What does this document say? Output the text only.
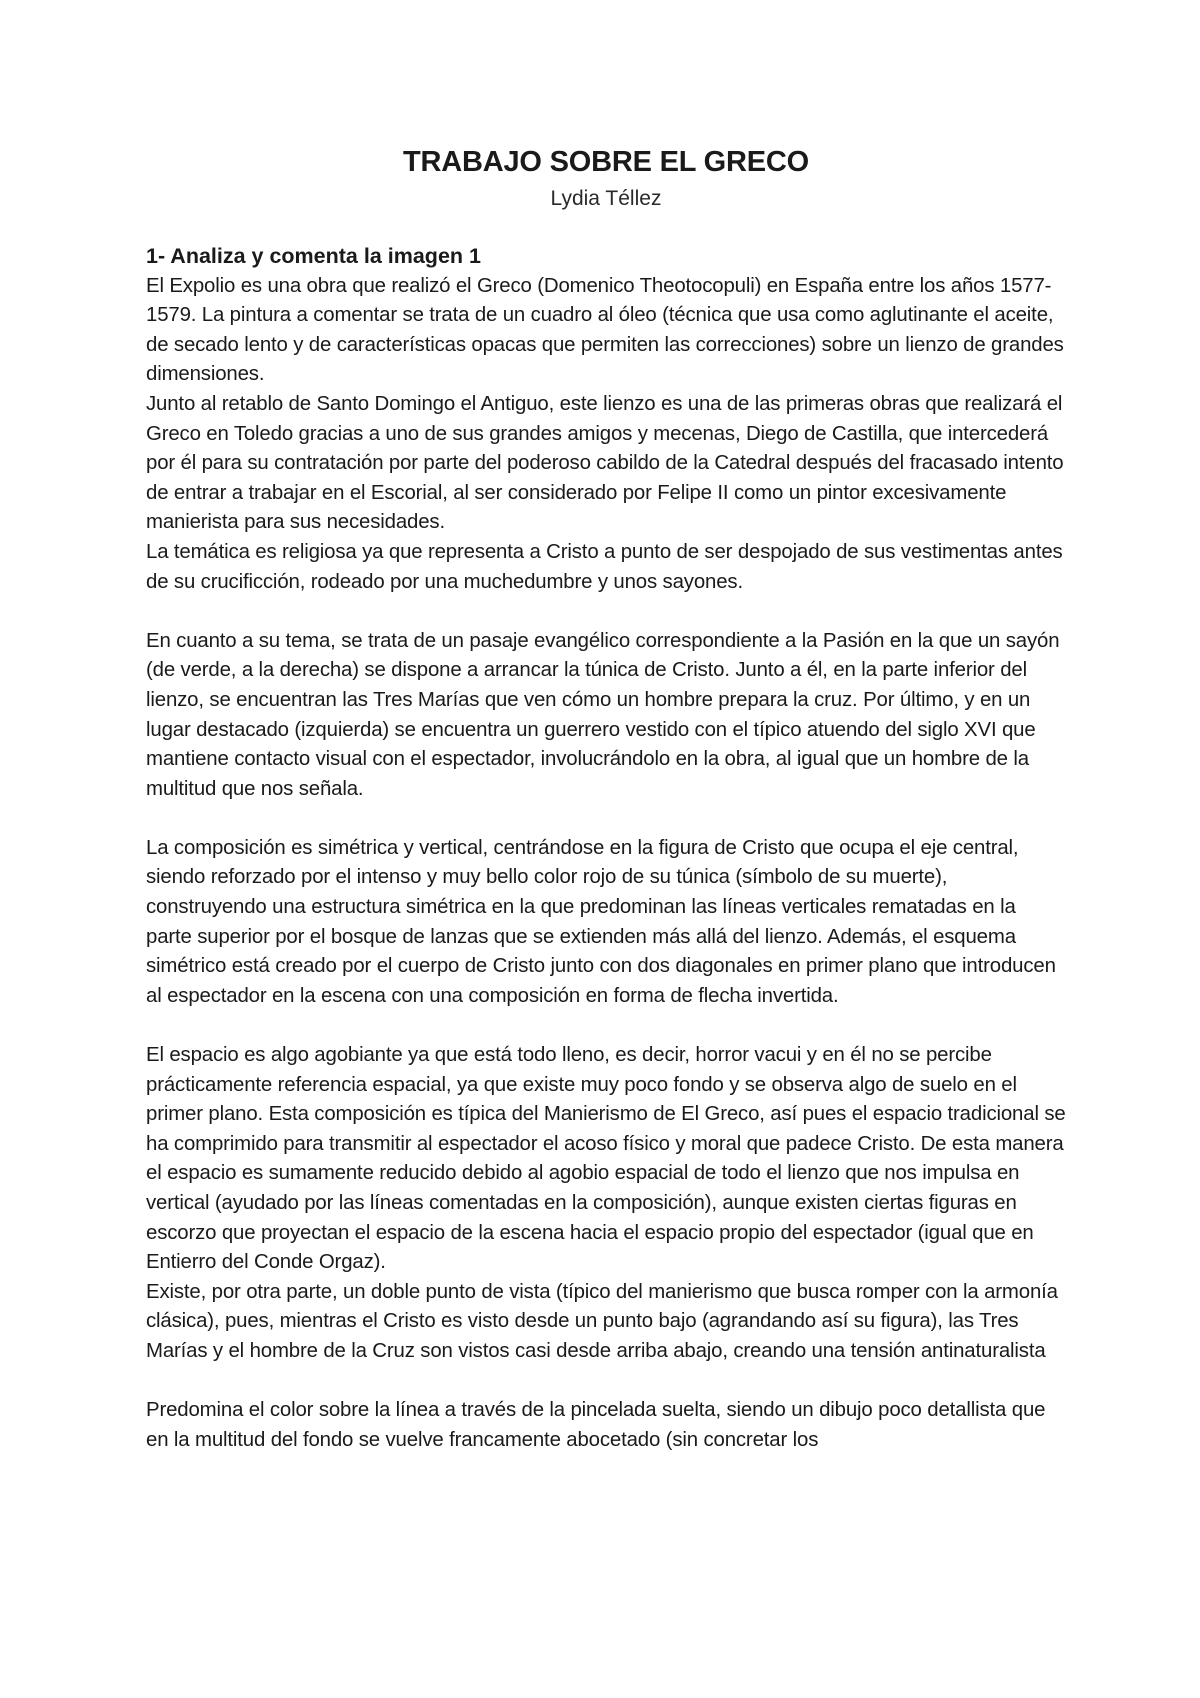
TRABAJO SOBRE EL GRECO

Lydia Téllez

1- Analiza y comenta la imagen 1

El Expolio es una obra que realizó el Greco (Domenico Theotocopuli) en España entre los años 1577-1579. La pintura a comentar se trata de un cuadro al óleo (técnica que usa como aglutinante el aceite, de secado lento y de características opacas que permiten las correcciones) sobre un lienzo de grandes dimensiones.

Junto al retablo de Santo Domingo el Antiguo, este lienzo es una de las primeras obras que realizará el Greco en Toledo gracias a uno de sus grandes amigos y mecenas, Diego de Castilla, que intercederá por él para su contratación por parte del poderoso cabildo de la Catedral después del fracasado intento de entrar a trabajar en el Escorial, al ser considerado por Felipe II como un pintor excesivamente manierista para sus necesidades.

La temática es religiosa ya que representa a Cristo a punto de ser despojado de sus vestimentas antes de su crucificción, rodeado por una muchedumbre y unos sayones.

En cuanto a su tema, se trata de un pasaje evangélico correspondiente a la Pasión en la que un sayón (de verde, a la derecha) se dispone a arrancar la túnica de Cristo. Junto a él, en la parte inferior del lienzo, se encuentran las Tres Marías que ven cómo un hombre prepara la cruz. Por último, y en un lugar destacado (izquierda) se encuentra un guerrero vestido con el típico atuendo del siglo XVI que mantiene contacto visual con el espectador, involucrándolo en la obra, al igual que un hombre de la multitud que nos señala.

La composición es simétrica y vertical, centrándose en la figura de Cristo que ocupa el eje central, siendo reforzado por el intenso y muy bello color rojo de su túnica (símbolo de su muerte), construyendo una estructura simétrica en la que predominan las líneas verticales rematadas en la parte superior por el bosque de lanzas que se extienden más allá del lienzo. Además, el esquema simétrico está creado por el cuerpo de Cristo junto con dos diagonales en primer plano que introducen al espectador en la escena con una composición en forma de flecha invertida.

El espacio es algo agobiante ya que está todo lleno, es decir, horror vacui y en él no se percibe prácticamente referencia espacial, ya que existe muy poco fondo y se observa algo de suelo en el primer plano. Esta composición es típica del Manierismo de El Greco, así pues el espacio tradicional se ha comprimido para transmitir al espectador el acoso físico y moral que padece Cristo. De esta manera el espacio es sumamente reducido debido al agobio espacial de todo el lienzo que nos impulsa en vertical (ayudado por las líneas comentadas en la composición), aunque existen ciertas figuras en escorzo que proyectan el espacio de la escena hacia el espacio propio del espectador (igual que en Entierro del Conde Orgaz).

Existe, por otra parte, un doble punto de vista (típico del manierismo que busca romper con la armonía clásica), pues, mientras el Cristo es visto desde un punto bajo (agrandando así su figura), las Tres Marías y el hombre de la Cruz son vistos casi desde arriba abajo, creando una tensión antinaturalista

Predomina el color sobre la línea a través de la pincelada suelta, siendo un dibujo poco detallista que en la multitud del fondo se vuelve francamente abocetado (sin concretar los
